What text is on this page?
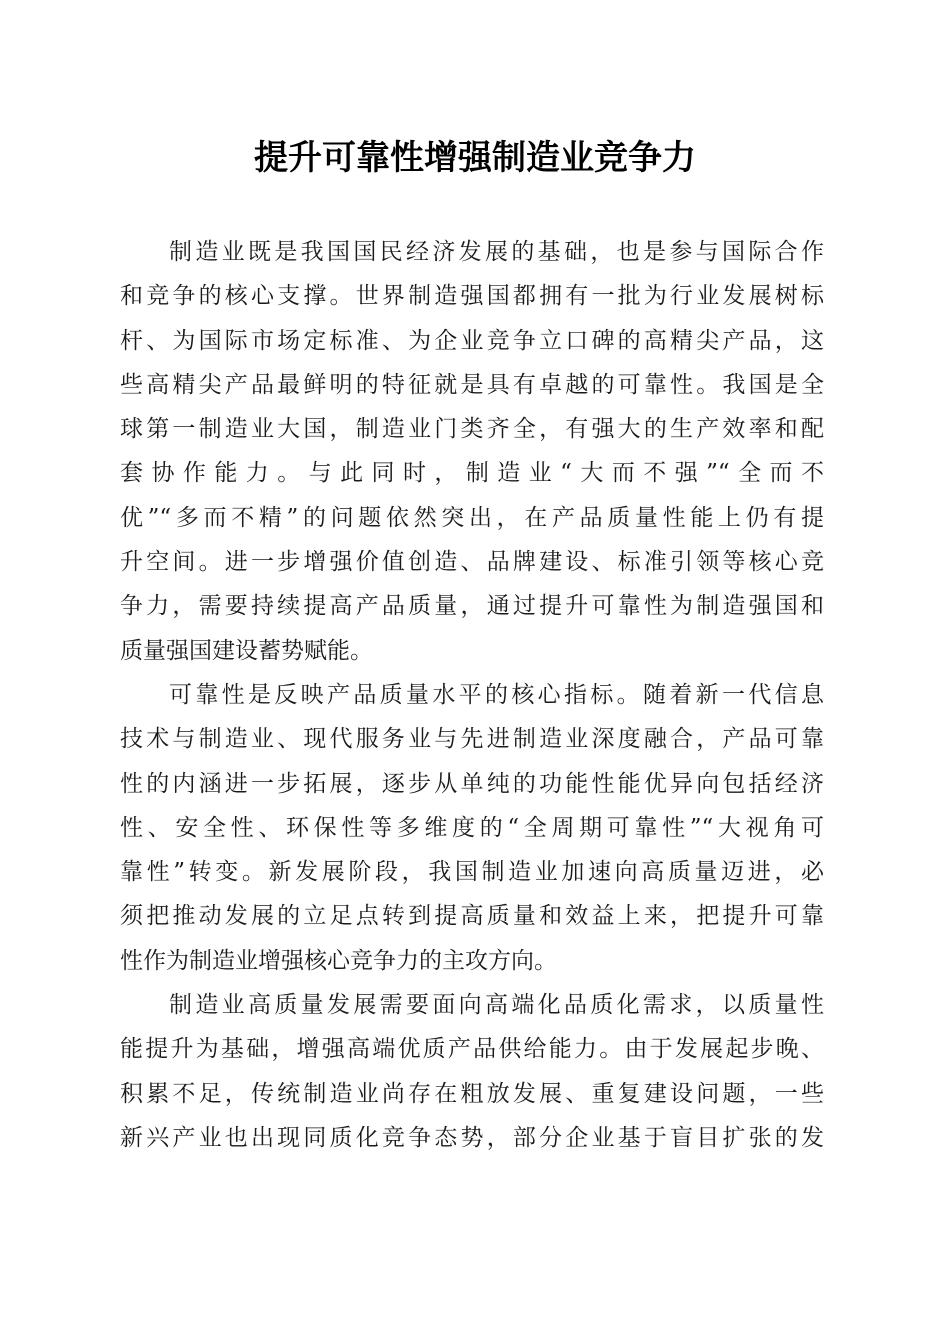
提升可靠性增强制造业竞争力
制造业既是我国国民经济发展的基础，也是参与国际合作
和竞争的核心支撑。世界制造强国都拥有一批为行业发展树标
杆、为国际市场定标准、为企业竞争立口碑的高精尖产品，这
些高精尖产品最鲜明的特征就是具有卓越的可靠性。我国是全
球第一制造业大国，制造业门类齐全，有强大的生产效率和配
套协作能力。与此同时，制造业“大而不强”“全而不
优”“多而不精”的问题依然突出，在产品质量性能上仍有提
升空间。进一步增强价值创造、品牌建设、标准引领等核心竞
争力，需要持续提高产品质量，通过提升可靠性为制造强国和
质量强国建设蓄势赋能。
可靠性是反映产品质量水平的核心指标。随着新一代信息
技术与制造业、现代服务业与先进制造业深度融合，产品可靠
性的内涵进一步拓展，逐步从单纯的功能性能优异向包括经济
性、安全性、环保性等多维度的“全周期可靠性”“大视角可
靠性”转变。新发展阶段，我国制造业加速向高质量迈进，必
须把推动发展的立足点转到提高质量和效益上来，把提升可靠
性作为制造业增强核心竞争力的主攻方向。
制造业高质量发展需要面向高端化品质化需求，以质量性
能提升为基础，增强高端优质产品供给能力。由于发展起步晚、
积累不足，传统制造业尚存在粗放发展、重复建设问题，一些
新兴产业也出现同质化竞争态势，部分企业基于盲目扩张的发
